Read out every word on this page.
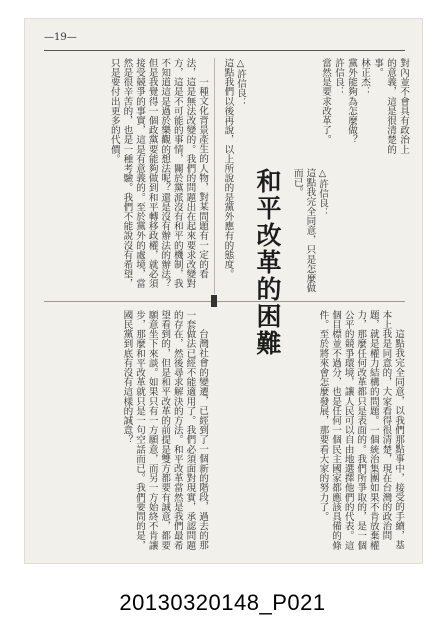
—19—

一種文化背景產生的人物，對某問題有一定的看法，這是無法改變的。我們的問題出在起來要求改變對方，這是不可能的事情，關於黨派沒有和平的機制，我不知道這是過於樂觀的想法呢？還是沒有辦法的辦法？但是我覺得一個政黨要能夠做到和平轉移政權，就必須接受競爭的事實，這是有意義的。至於黨外的處境，當然是很辛苦的，也是一種考驗。我們不能說沒有希望，只是要付出更多的代價。	△許信良：

這點我們以後再說，以上所說的是黨外應有的態度。 和平改革的困難	△許信良：

這點我完全同意，只是怎麼做而已。

對內並不會具有政治上的意義，這是很清楚的事。

林正杰：

黨外能夠為怎麼做？

許信良：

當然是要求改革了。

台灣社會的變遷，已經到了一個新的階段，過去的那一套做法已經不能適用了。我們必須面對現實，承認問題的存在，然後尋求解決的方法。和平改革當然是我們最希望看到的，但是和平改革的前提是雙方都要有誠意，都要願意坐下來談。如果只有一方願意，而另一方始終不肯讓步，那麼和平改革就只是一句空話而已。我們要問的是，國民黨到底有沒有這樣的誠意？	這點我完全同意，以我們那點事中，接受的手續，基本上我是同意的，大家看得很清楚，現在台灣的政治問題，就是權力結構的問題。一個統治集團如果不肯放棄權力，那麼任何改革都只是表面的。我們所爭取的，是一個公平的競爭環境，讓人民可以自由地選擇他們的代表。這個目標並不過分，也是任何一個民主國家都應該具備的條件。至於將來會怎麼發展，那要看大家的努力了。

20130320148_P021
